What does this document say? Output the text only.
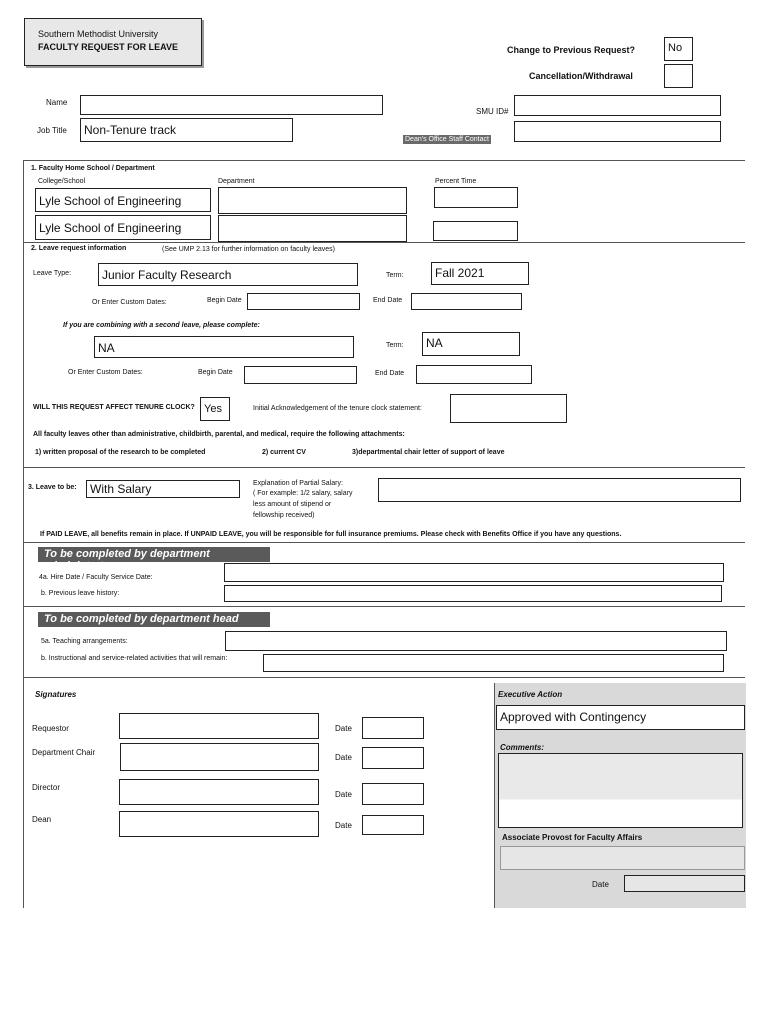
Southern Methodist University
FACULTY REQUEST FOR LEAVE	Change to Previous Request?	No
Cancellation/Withdrawal
Name
SMU ID#
Job Title	Non-Tenure track
Dean's Office Staff Contact
1. Faculty Home School / Department
College/School	Department	Percent Time
Lyle School of Engineering
Lyle School of Engineering
2. Leave request information	(See UMP 2.13 for further information on faculty leaves)
Leave Type:	Junior Faculty Research	Term:	Fall 2021
Or Enter Custom Dates:	Begin Date	End Date
If you are combining with a second leave, please complete:
NA	Term:	NA
Or Enter Custom Dates:	Begin Date	End Date
WILL THIS REQUEST AFFECT TENURE CLOCK? Yes	Initial Acknowledgement of the tenure clock statement:
All faculty leaves other than administrative, childbirth, parental, and medical, require the following attachments:
1) written proposal of the research to be completed	2) current CV	3)departmental chair letter of support of leave
3. Leave to be:	With Salary	Explanation of Partial Salary:
( For example: 1/2 salary, salary
less amount of stipend or
fellowship received)
If PAID LEAVE, all benefits remain in place. If UNPAID LEAVE, you will be responsible for full insurance premiums. Please check with Benefits Office if you have any questions.
To be completed by department administrator
4a. Hire Date / Faculty Service Date:
b. Previous leave history:
To be completed by department head
5a. Teaching arrangements:
b. Instructional and service-related activities that will remain:
Signatures
Requestor	Date
Department Chair
Date
Director
Date
Dean
Date
Executive Action
Approved with Contingency
Comments:
Associate Provost for Faculty Affairs
Date
